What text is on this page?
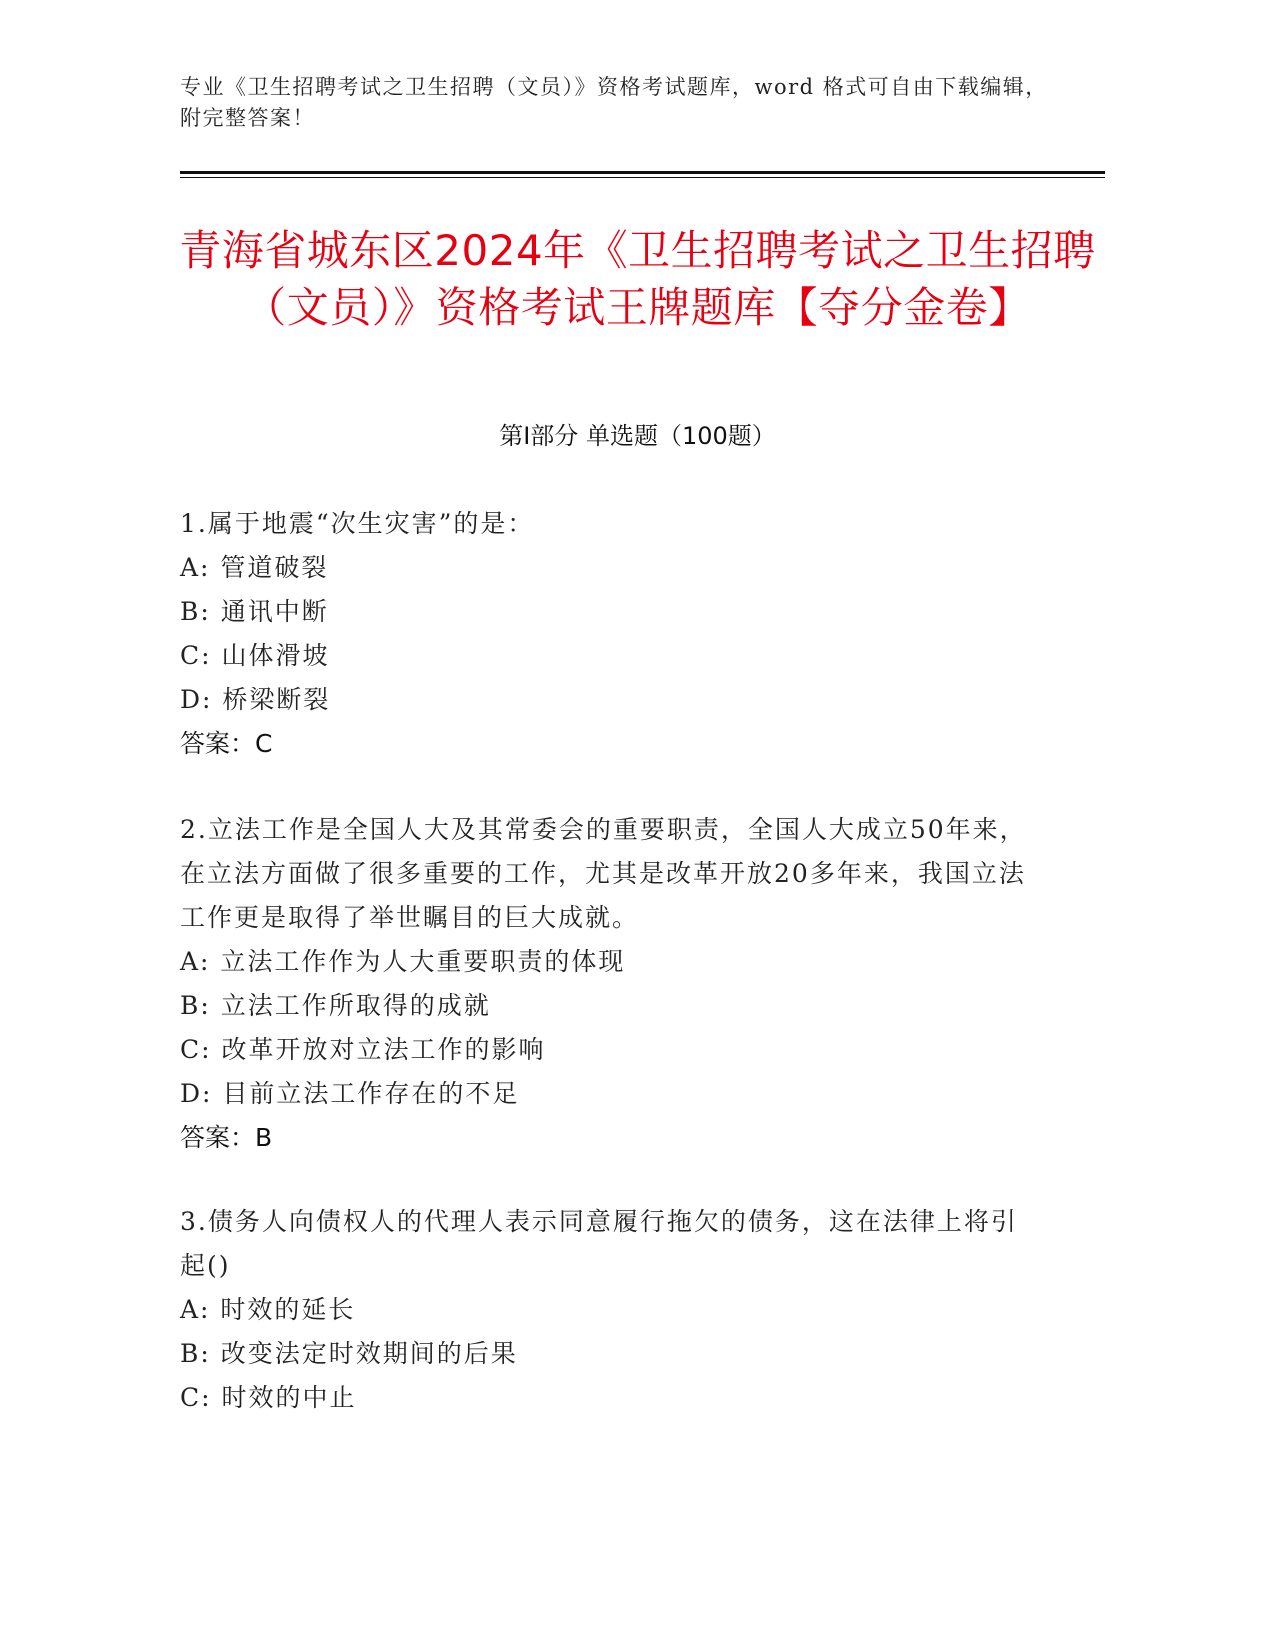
专业《卫生招聘考试之卫生招聘（文员）》资格考试题库，word 格式可自由下载编辑，附完整答案！
青海省城东区2024年《卫生招聘考试之卫生招聘（文员）》资格考试王牌题库【夺分金卷】
第Ⅰ部分 单选题（100题）
1.属于地震“次生灾害”的是：
A: 管道破裂
B: 通讯中断
C: 山体滑坡
D: 桥梁断裂
答案：C
2.立法工作是全国人大及其常委会的重要职责，全国人大成立50年来，在立法方面做了很多重要的工作，尤其是改革开放20多年来，我国立法工作更是取得了举世瞩目的巨大成就。
A: 立法工作作为人大重要职责的体现
B: 立法工作所取得的成就
C: 改革开放对立法工作的影响
D: 目前立法工作存在的不足
答案：B
3.债务人向债权人的代理人表示同意履行拖欠的债务，这在法律上将引起()
A: 时效的延长
B: 改变法定时效期间的后果
C: 时效的中止
